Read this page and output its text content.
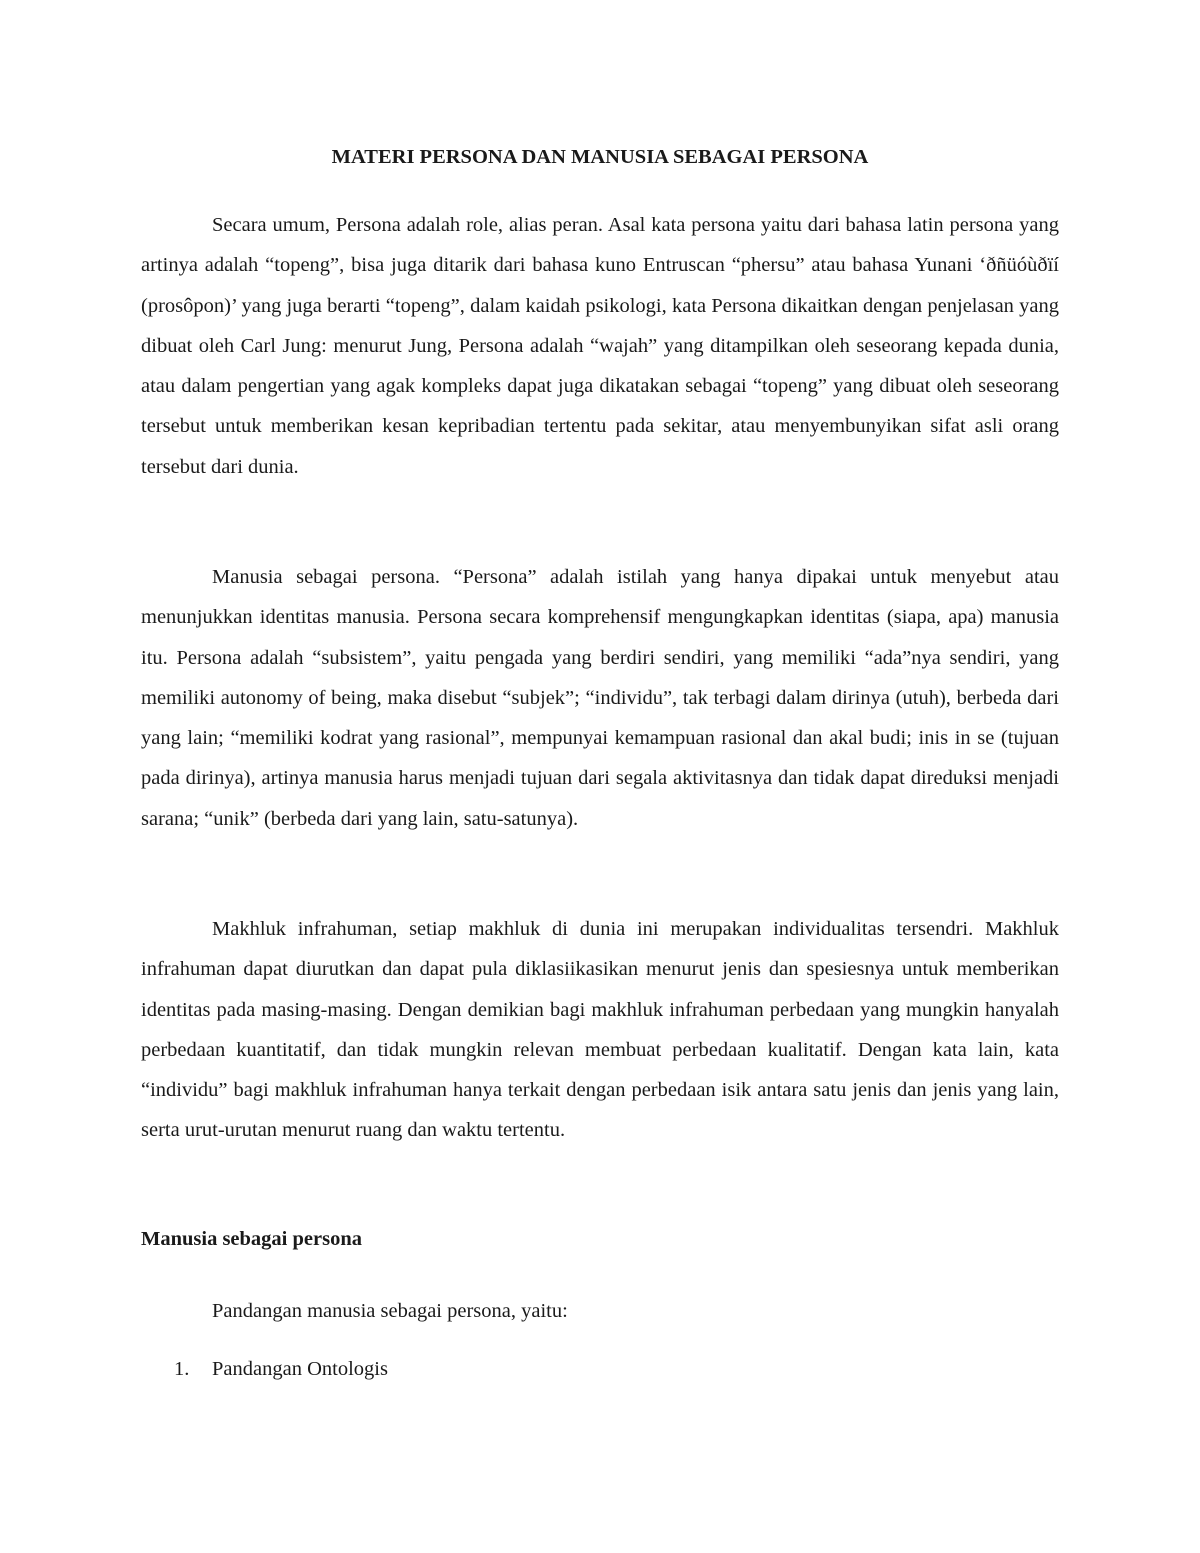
MATERI PERSONA DAN MANUSIA SEBAGAI PERSONA

Secara umum, Persona adalah role, alias peran. Asal kata persona yaitu dari bahasa latin persona yang artinya adalah “topeng”, bisa juga ditarik dari bahasa kuno Entruscan “phersu” atau bahasa Yunani ‘ðñüóùðïí (prosôpon)’ yang juga berarti “topeng”, dalam kaidah psikologi, kata Persona dikaitkan dengan penjelasan yang dibuat oleh Carl Jung: menurut Jung, Persona adalah “wajah” yang ditampilkan oleh seseorang kepada dunia, atau dalam pengertian yang agak kompleks dapat juga dikatakan sebagai “topeng” yang dibuat oleh seseorang tersebut untuk memberikan kesan kepribadian tertentu pada sekitar, atau menyembunyikan sifat asli orang tersebut dari dunia.

Manusia sebagai persona. “Persona” adalah istilah yang hanya dipakai untuk menyebut atau menunjukkan identitas manusia. Persona secara komprehensif mengungkapkan identitas (siapa, apa) manusia itu. Persona adalah “subsistem”, yaitu pengada yang berdiri sendiri, yang memiliki “ada”nya sendiri, yang memiliki autonomy of being, maka disebut “subjek”; “individu”, tak terbagi dalam dirinya (utuh), berbeda dari yang lain; “memiliki kodrat yang rasional”, mempunyai kemampuan rasional dan akal budi; inis in se (tujuan pada dirinya), artinya manusia harus menjadi tujuan dari segala aktivitasnya dan tidak dapat direduksi menjadi sarana; “unik” (berbeda dari yang lain, satu-satunya).

Makhluk infrahuman, setiap makhluk di dunia ini merupakan individualitas tersendri. Makhluk infrahuman dapat diurutkan dan dapat pula diklasiikasikan menurut jenis dan spesiesnya untuk memberikan identitas pada masing-masing. Dengan demikian bagi makhluk infrahuman perbedaan yang mungkin hanyalah perbedaan kuantitatif, dan tidak mungkin relevan membuat perbedaan kualitatif. Dengan kata lain, kata “individu” bagi makhluk infrahuman hanya terkait dengan perbedaan isik antara satu jenis dan jenis yang lain, serta urut-urutan menurut ruang dan waktu tertentu.

Manusia sebagai persona

Pandangan manusia sebagai persona, yaitu:

1. Pandangan Ontologis
